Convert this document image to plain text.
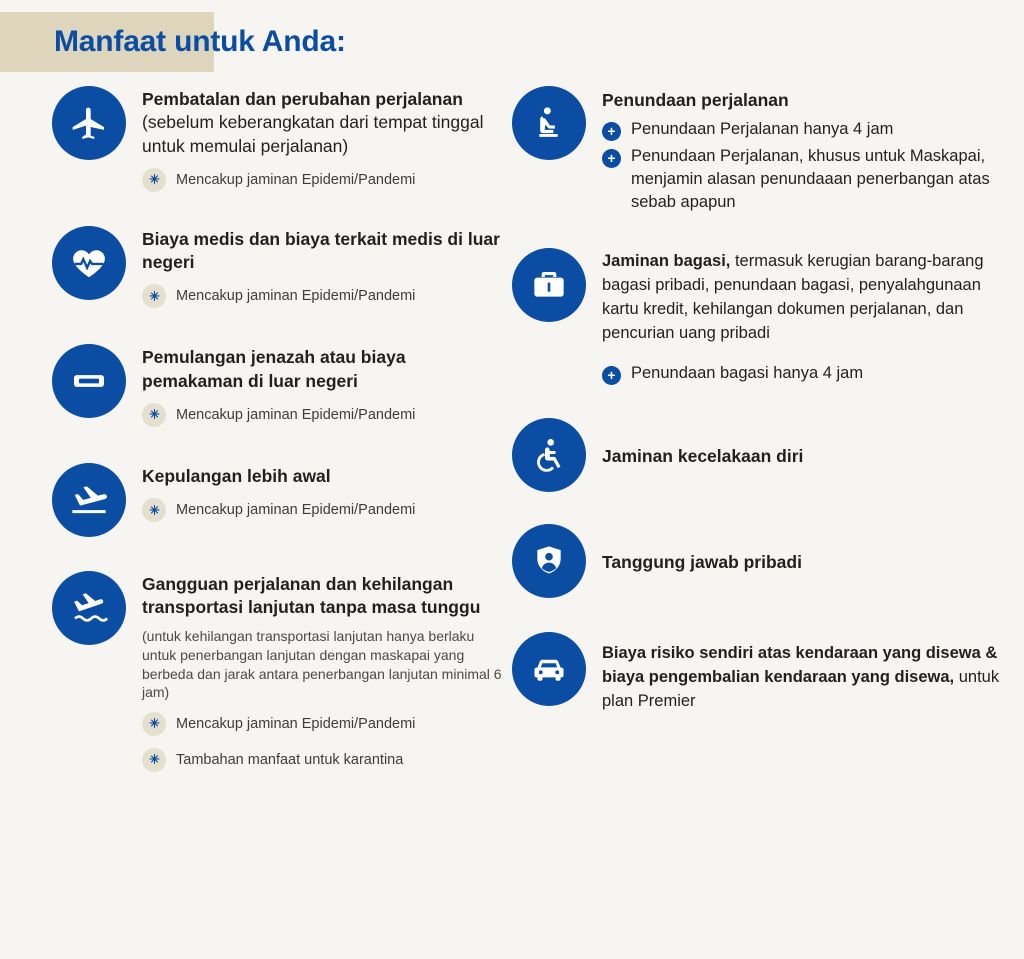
Manfaat untuk Anda:

Pembatalan dan perubahan perjalanan (sebelum keberangkatan dari tempat tinggal untuk memulai perjalanan)

Mencakup jaminan Epidemi/Pandemi

Biaya medis dan biaya terkait medis di luar negeri

Mencakup jaminan Epidemi/Pandemi

Pemulangan jenazah atau biaya pemakaman di luar negeri

Mencakup jaminan Epidemi/Pandemi

Kepulangan lebih awal

Mencakup jaminan Epidemi/Pandemi

Gangguan perjalanan dan kehilangan transportasi lanjutan tanpa masa tunggu

(untuk kehilangan transportasi lanjutan hanya berlaku untuk penerbangan lanjutan dengan maskapai yang berbeda dan jarak antara penerbangan lanjutan minimal 6 jam)
Mencakup jaminan Epidemi/Pandemi
Tambahan manfaat untuk karantina

Penundaan perjalanan

+ Penundaan Perjalanan hanya 4 jam
+ Penundaan Perjalanan, khusus untuk Maskapai, menjamin alasan penundaaan penerbangan atas sebab apapun

Jaminan bagasi, termasuk kerugian barang-barang bagasi pribadi, penundaan bagasi, penyalahgunaan kartu kredit, kehilangan dokumen perjalanan, dan pencurian uang pribadi

+ Penundaan bagasi hanya 4 jam
Jaminan kecelakaan diri
Tanggung jawab pribadi

Biaya risiko sendiri atas kendaraan yang disewa & biaya pengembalian kendaraan yang disewa, untuk plan Premier
